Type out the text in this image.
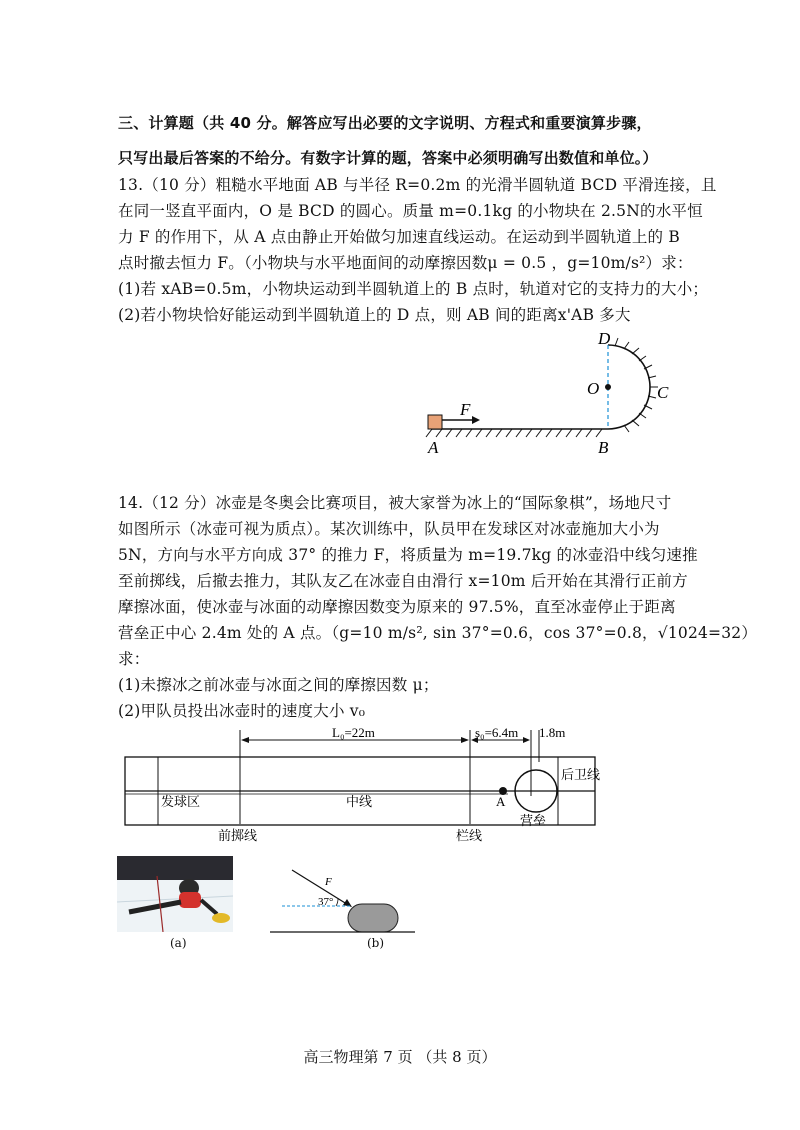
三、计算题（共 40 分。解答应写出必要的文字说明、方程式和重要演算步骤，
只写出最后答案的不给分。有数字计算的题，答案中必须明确写出数值和单位。）
13.（10 分）粗糙水平地面 AB 与半径 R=0.2m 的光滑半圆轨道 BCD 平滑连接，且
在同一竖直平面内，O 是 BCD 的圆心。质量 m=0.1kg 的小物块在 2.5N的水平恒
力 F 的作用下，从 A 点由静止开始做匀加速直线运动。在运动到半圆轨道上的 B
点时撤去恒力 F。（小物块与水平地面间的动摩擦因数μ = 0.5 ，g=10m/s²）求：
(1)若 xAB=0.5m，小物块运动到半圆轨道上的 B 点时，轨道对它的支持力的大小；
(2)若小物块恰好能运动到半圆轨道上的 D 点，则 AB 间的距离x'AB 多大
D
O	C
F
A	B
14.（12 分）冰壶是冬奥会比赛项目，被大家誉为冰上的“国际象棋”，场地尺寸
如图所示（冰壶可视为质点）。某次训练中，队员甲在发球区对冰壶施加大小为
5N，方向与水平方向成 37° 的推力 F，将质量为 m=19.7kg 的冰壶沿中线匀速推
至前掷线，后撤去推力，其队友乙在冰壶自由滑行 x=10m 后开始在其滑行正前方
摩擦冰面，使冰壶与冰面的动摩擦因数变为原来的 97.5%，直至冰壶停止于距离
营垒正中心 2.4m 处的 A 点。（g=10 m/s², sin 37°=0.6，cos 37°=0.8，√1024=32）
求：
(1)未擦冰之前冰壶与冰面之间的摩擦因数 μ；
(2)甲队员投出冰壶时的速度大小 v₀
L₀=22m	s₀=6.4m 1.8m
后卫线
发球区	中线	A
营垒
前掷线	栏线
(a)
F
37°
(b)
高三物理第 7 页 （共 8 页）
